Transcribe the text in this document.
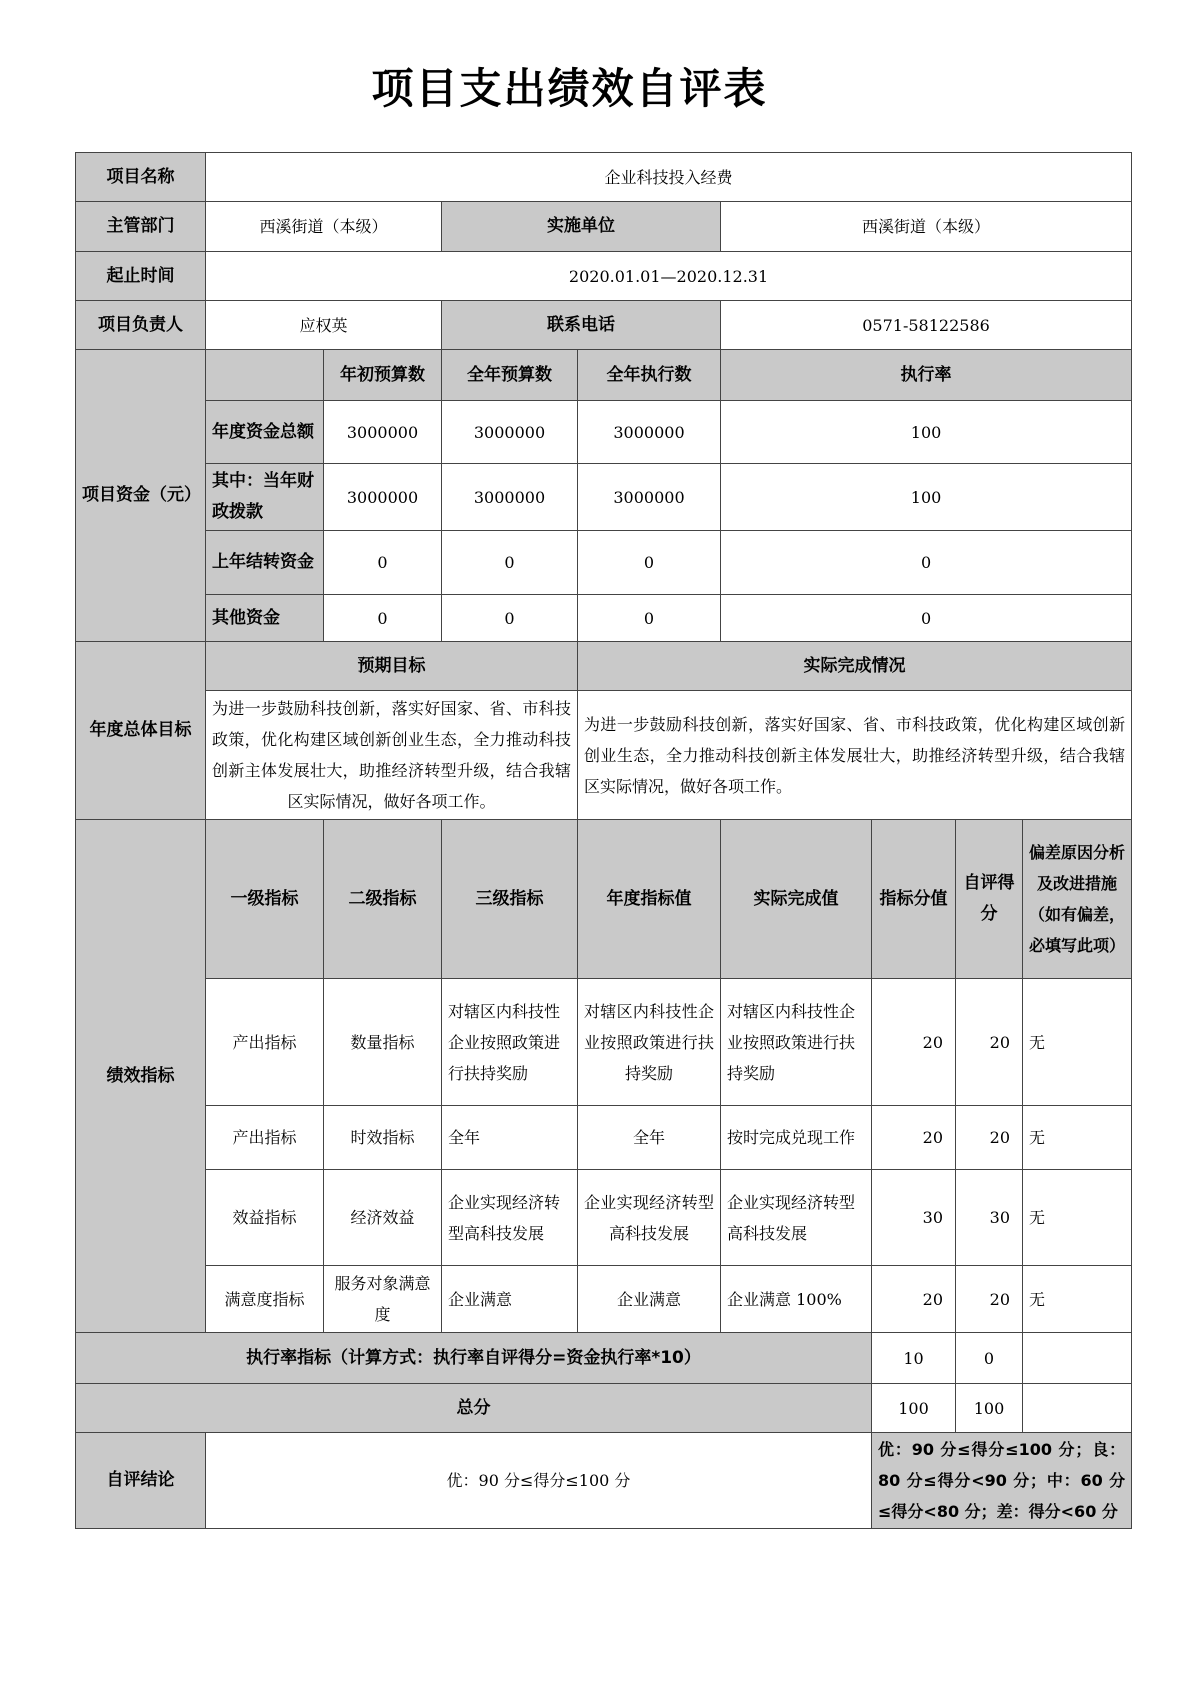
项目支出绩效自评表
项目名称	企业科技投入经费							
主管部门	西溪街道（本级）		实施单位		西溪街道（本级）			
起止时间	2020.01.01—2020.12.31							
项目负责人	应权英		联系电话		0571-58122586			
项目资金（元）		年初预算数	全年预算数	全年执行数	执行率			
	年度资金总额	3000000	3000000	3000000	100			
	其中：当年财政拨款	3000000	3000000	3000000	100			
	上年结转资金	0	0	0	0			
	其他资金	0	0	0	0			
年度总体目标	预期目标			实际完成情况				
	为进一步鼓励科技创新，落实好国家、省、市科技政策，优化构建区域创新创业生态，全力推动科技创新主体发展壮大，助推经济转型升级，结合我辖区实际情况，做好各项工作。			为进一步鼓励科技创新，落实好国家、省、市科技政策，优化构建区域创新创业生态，全力推动科技创新主体发展壮大，助推经济转型升级，结合我辖区实际情况，做好各项工作。				
绩效指标	一级指标	二级指标	三级指标	年度指标值	实际完成值	指标分值	自评得分	偏差原因分析及改进措施（如有偏差，必填写此项）
	产出指标	数量指标	对辖区内科技性企业按照政策进行扶持奖励	对辖区内科技性企业按照政策进行扶持奖励	对辖区内科技性企业按照政策进行扶持奖励	20	20	无
	产出指标	时效指标	全年	全年	按时完成兑现工作	20	20	无
	效益指标	经济效益	企业实现经济转型高科技发展	企业实现经济转型高科技发展	企业实现经济转型高科技发展	30	30	无
	满意度指标	服务对象满意度	企业满意	企业满意	企业满意 100%	20	20	无
执行率指标（计算方式：执行率自评得分=资金执行率*10）						10	0	
总分						100	100	
自评结论	优：90 分≤得分≤100 分					优：90 分≤得分≤100 分；良：80 分≤得分<90 分；中：60 分≤得分<80 分；差：得分<60 分		
